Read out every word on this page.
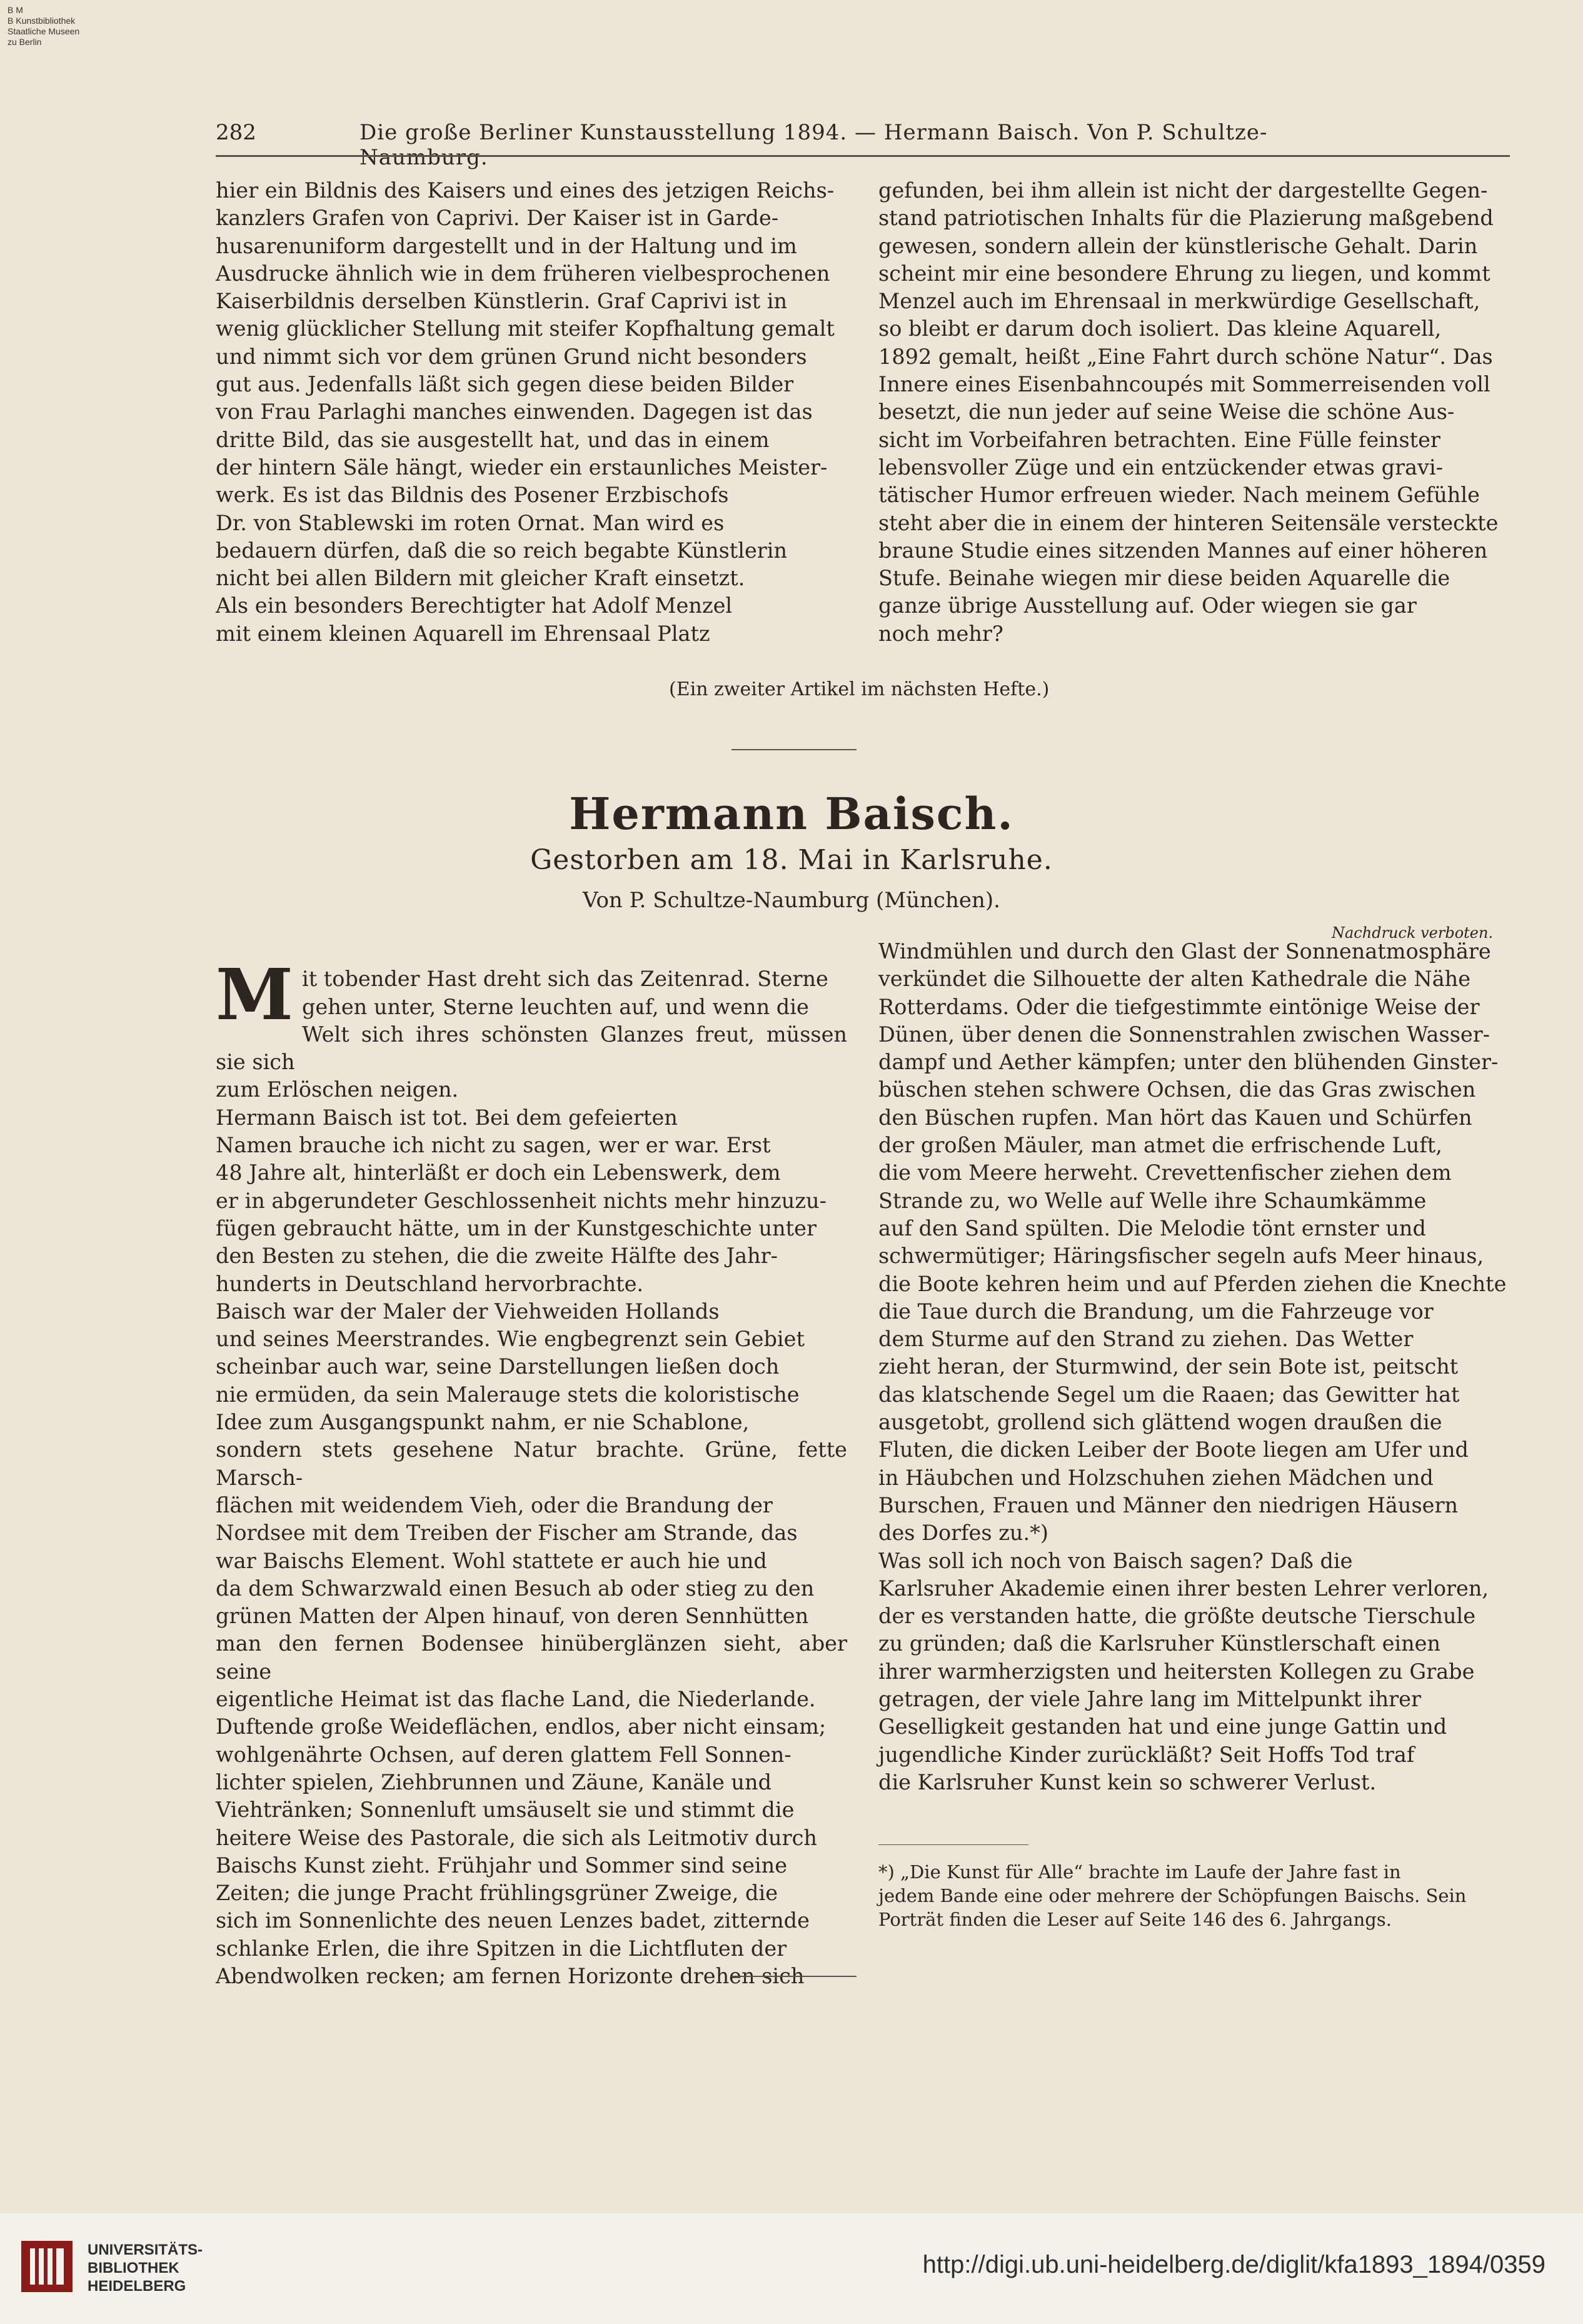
B M
B Kunstbibliothek
Staatliche Museen
zu Berlin
282	Die große Berliner Kunstausstellung 1894. — Hermann Baisch. Von P. Schultze-Naumburg.
hier ein Bildnis des Kaisers und eines des jetzigen Reichs-
kanzlers Grafen von Caprivi. Der Kaiser ist in Garde-
husarenuniform dargestellt und in der Haltung und im
Ausdrucke ähnlich wie in dem früheren vielbesprochenen
Kaiserbildnis derselben Künstlerin. Graf Caprivi ist in
wenig glücklicher Stellung mit steifer Kopfhaltung gemalt
und nimmt sich vor dem grünen Grund nicht besonders
gut aus. Jedenfalls läßt sich gegen diese beiden Bilder
von Frau Parlaghi manches einwenden. Dagegen ist das
dritte Bild, das sie ausgestellt hat, und das in einem
der hintern Säle hängt, wieder ein erstaunliches Meister-
werk. Es ist das Bildnis des Posener Erzbischofs
Dr. von Stablewski im roten Ornat. Man wird es
bedauern dürfen, daß die so reich begabte Künstlerin
nicht bei allen Bildern mit gleicher Kraft einsetzt.
Als ein besonders Berechtigter hat Adolf Menzel
mit einem kleinen Aquarell im Ehrensaal Platz
gefunden, bei ihm allein ist nicht der dargestellte Gegen-
stand patriotischen Inhalts für die Plazierung maßgebend
gewesen, sondern allein der künstlerische Gehalt. Darin
scheint mir eine besondere Ehrung zu liegen, und kommt
Menzel auch im Ehrensaal in merkwürdige Gesellschaft,
so bleibt er darum doch isoliert. Das kleine Aquarell,
1892 gemalt, heißt „Eine Fahrt durch schöne Natur“. Das
Innere eines Eisenbahncoupés mit Sommerreisenden voll
besetzt, die nun jeder auf seine Weise die schöne Aus-
sicht im Vorbeifahren betrachten. Eine Fülle feinster
lebensvoller Züge und ein entzückender etwas gravi-
tätischer Humor erfreuen wieder. Nach meinem Gefühle
steht aber die in einem der hinteren Seitensäle versteckte
braune Studie eines sitzenden Mannes auf einer höheren
Stufe. Beinahe wiegen mir diese beiden Aquarelle die
ganze übrige Ausstellung auf. Oder wiegen sie gar
noch mehr?
(Ein zweiter Artikel im nächsten Hefte.)
Hermann Baisch.
Gestorben am 18. Mai in Karlsruhe.
Von P. Schultze-Naumburg (München).
Nachdruck verboten.

Mit tobender Hast dreht sich das Zeitenrad. Sterne
gehen unter, Sterne leuchten auf, und wenn die
Welt sich ihres schönsten Glanzes freut, müssen sie sich
zum Erlöschen neigen.
Hermann Baisch ist tot. Bei dem gefeierten
Namen brauche ich nicht zu sagen, wer er war. Erst
48 Jahre alt, hinterläßt er doch ein Lebenswerk, dem
er in abgerundeter Geschlossenheit nichts mehr hinzuzu-
fügen gebraucht hätte, um in der Kunstgeschichte unter
den Besten zu stehen, die die zweite Hälfte des Jahr-
hunderts in Deutschland hervorbrachte.
Baisch war der Maler der Viehweiden Hollands
und seines Meerstrandes. Wie engbegrenzt sein Gebiet
scheinbar auch war, seine Darstellungen ließen doch
nie ermüden, da sein Malerauge stets die koloristische
Idee zum Ausgangspunkt nahm, er nie Schablone,
sondern stets gesehene Natur brachte. Grüne, fette Marsch-
flächen mit weidendem Vieh, oder die Brandung der
Nordsee mit dem Treiben der Fischer am Strande, das
war Baischs Element. Wohl stattete er auch hie und
da dem Schwarzwald einen Besuch ab oder stieg zu den
grünen Matten der Alpen hinauf, von deren Sennhütten
man den fernen Bodensee hinüberglänzen sieht, aber seine
eigentliche Heimat ist das flache Land, die Niederlande.
Duftende große Weideflächen, endlos, aber nicht einsam;
wohlgenährte Ochsen, auf deren glattem Fell Sonnen-
lichter spielen, Ziehbrunnen und Zäune, Kanäle und
Viehtränken; Sonnenluft umsäuselt sie und stimmt die
heitere Weise des Pastorale, die sich als Leitmotiv durch
Baischs Kunst zieht. Frühjahr und Sommer sind seine
Zeiten; die junge Pracht frühlingsgrüner Zweige, die
sich im Sonnenlichte des neuen Lenzes badet, zitternde
schlanke Erlen, die ihre Spitzen in die Lichtfluten der
Abendwolken recken; am fernen Horizonte drehen sich

Windmühlen und durch den Glast der Sonnenatmosphäre
verkündet die Silhouette der alten Kathedrale die Nähe
Rotterdams. Oder die tiefgestimmte eintönige Weise der
Dünen, über denen die Sonnenstrahlen zwischen Wasser-
dampf und Aether kämpfen; unter den blühenden Ginster-
büschen stehen schwere Ochsen, die das Gras zwischen
den Büschen rupfen. Man hört das Kauen und Schürfen
der großen Mäuler, man atmet die erfrischende Luft,
die vom Meere herweht. Crevettenfischer ziehen dem
Strande zu, wo Welle auf Welle ihre Schaumkämme
auf den Sand spülten. Die Melodie tönt ernster und
schwermütiger; Häringsfischer segeln aufs Meer hinaus,
die Boote kehren heim und auf Pferden ziehen die Knechte
die Taue durch die Brandung, um die Fahrzeuge vor
dem Sturme auf den Strand zu ziehen. Das Wetter
zieht heran, der Sturmwind, der sein Bote ist, peitscht
das klatschende Segel um die Raaen; das Gewitter hat
ausgetobt, grollend sich glättend wogen draußen die
Fluten, die dicken Leiber der Boote liegen am Ufer und
in Häubchen und Holzschuhen ziehen Mädchen und
Burschen, Frauen und Männer den niedrigen Häusern
des Dorfes zu.*)
Was soll ich noch von Baisch sagen? Daß die
Karlsruher Akademie einen ihrer besten Lehrer verloren,
der es verstanden hatte, die größte deutsche Tierschule
zu gründen; daß die Karlsruher Künstlerschaft einen
ihrer warmherzigsten und heitersten Kollegen zu Grabe
getragen, der viele Jahre lang im Mittelpunkt ihrer
Geselligkeit gestanden hat und eine junge Gattin und
jugendliche Kinder zurückläßt? Seit Hoffs Tod traf
die Karlsruher Kunst kein so schwerer Verlust.
*) „Die Kunst für Alle“ brachte im Laufe der Jahre fast in
jedem Bande eine oder mehrere der Schöpfungen Baischs. Sein
Porträt finden die Leser auf Seite 146 des 6. Jahrgangs.
UNIVERSITÄTS-
BIBLIOTHEK
HEIDELBERG
http://digi.ub.uni-heidelberg.de/diglit/kfa1893_1894/0359
